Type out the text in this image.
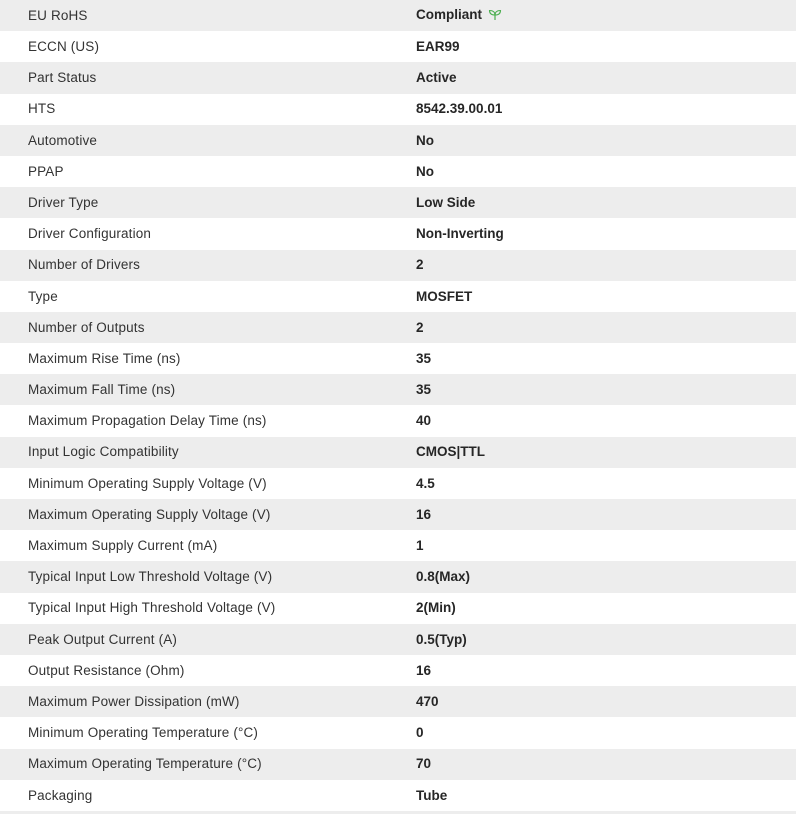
EU RoHS	Compliant
ECCN (US)	EAR99
Part Status	Active
HTS	8542.39.00.01
Automotive	No
PPAP	No
Driver Type	Low Side
Driver Configuration	Non-Inverting
Number of Drivers	2
Type	MOSFET
Number of Outputs	2
Maximum Rise Time (ns)	35
Maximum Fall Time (ns)	35
Maximum Propagation Delay Time (ns)	40
Input Logic Compatibility	CMOS|TTL
Minimum Operating Supply Voltage (V)	4.5
Maximum Operating Supply Voltage (V)	16
Maximum Supply Current (mA)	1
Typical Input Low Threshold Voltage (V)	0.8(Max)
Typical Input High Threshold Voltage (V)	2(Min)
Peak Output Current (A)	0.5(Typ)
Output Resistance (Ohm)	16
Maximum Power Dissipation (mW)	470
Minimum Operating Temperature (°C)	0
Maximum Operating Temperature (°C)	70
Packaging	Tube
